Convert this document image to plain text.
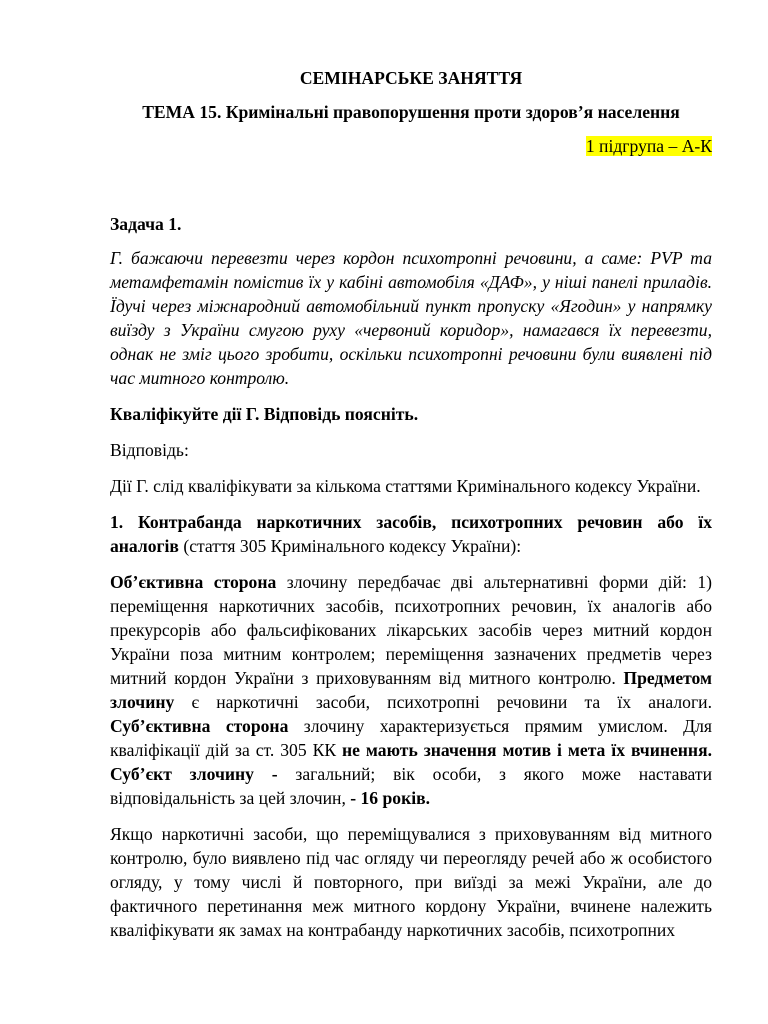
СЕМІНАРСЬКЕ ЗАНЯТТЯ
ТЕМА 15. Кримінальні правопорушення проти здоров’я населення
1 підгрупа – А-К
Задача 1.

Г. бажаючи перевезти через кордон психотропні речовини, а саме: PVP та метамфетамін помістив їх у кабіні автомобіля «ДАФ», у ніші панелі приладів. Їдучі через міжнародний автомобільний пункт пропуску «Ягодин» у напрямку виїзду з України смугою руху «червоний коридор», намагався їх перевезти, однак не зміг цього зробити, оскільки психотропні речовини були виявлені під час митного контролю.

Кваліфікуйте дії Г. Відповідь поясніть.

Відповідь:

Дії Г. слід кваліфікувати за кількома статтями Кримінального кодексу України.

1. Контрабанда наркотичних засобів, психотропних речовин або їх аналогів (стаття 305 Кримінального кодексу України):

Об’єктивна сторона злочину передбачає дві альтернативні форми дій: 1) переміщення наркотичних засобів, психотропних речовин, їх аналогів або прекурсорів або фальсифікованих лікарських засобів через митний кордон України поза митним контролем; переміщення зазначених предметів через митний кордон України з приховуванням від митного контролю. Предметом злочину є наркотичні засоби, психотропні речовини та їх аналоги. Суб’єктивна сторона злочину характеризується прямим умислом. Для кваліфікації дій за ст. 305 КК не мають значення мотив і мета їх вчинення. Суб’єкт злочину - загальний; вік особи, з якого може наставати відповідальність за цей злочин, - 16 років.

Якщо наркотичні засоби, що переміщувалися з приховуванням від митного контролю, було виявлено під час огляду чи переогляду речей або ж особистого огляду, у тому числі й повторного, при виїзді за межі України, але до фактичного перетинання меж митного кордону України, вчинене належить кваліфікувати як замах на контрабанду наркотичних засобів, психотропних
